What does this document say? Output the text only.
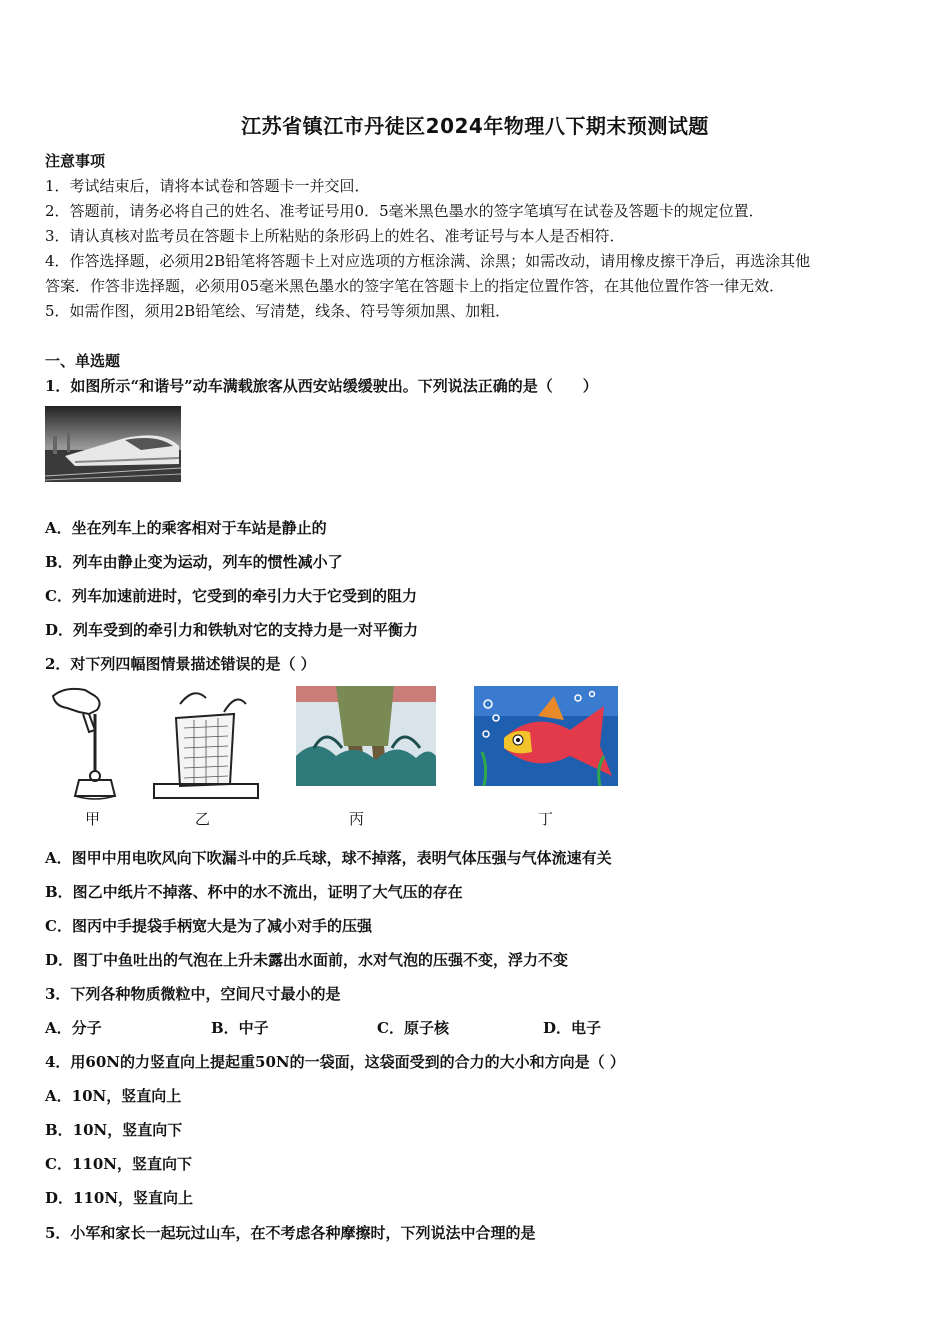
江苏省镇江市丹徒区2024年物理八下期末预测试题
注意事项
1．考试结束后，请将本试卷和答题卡一并交回．
2．答题前，请务必将自己的姓名、准考证号用0．5毫米黑色墨水的签字笔填写在试卷及答题卡的规定位置．
3．请认真核对监考员在答题卡上所粘贴的条形码上的姓名、准考证号与本人是否相符．
4．作答选择题，必须用2B铅笔将答题卡上对应选项的方框涂满、涂黑；如需改动，请用橡皮擦干净后，再选涂其他
答案．作答非选择题，必须用05毫米黑色墨水的签字笔在答题卡上的指定位置作答，在其他位置作答一律无效．
5．如需作图，须用2B铅笔绘、写清楚，线条、符号等须加黑、加粗．
一、单选题
1．如图所示“和谐号”动车满载旅客从西安站缓缓驶出。下列说法正确的是（　　）
A．坐在列车上的乘客相对于车站是静止的
B．列车由静止变为运动，列车的惯性减小了
C．列车加速前进时，它受到的牵引力大于它受到的阻力
D．列车受到的牵引力和铁轨对它的支持力是一对平衡力
2．对下列四幅图情景描述错误的是（ ）
甲	乙	丙	丁
A．图甲中用电吹风向下吹漏斗中的乒乓球，球不掉落，表明气体压强与气体流速有关
B．图乙中纸片不掉落、杯中的水不流出，证明了大气压的存在
C．图丙中手提袋手柄宽大是为了减小对手的压强
D．图丁中鱼吐出的气泡在上升未露出水面前，水对气泡的压强不变，浮力不变
3．下列各种物质微粒中，空间尺寸最小的是
A．分子	B．中子	C．原子核	D．电子
4．用60N的力竖直向上提起重50N的一袋面，这袋面受到的合力的大小和方向是（ ）
A．10N，竖直向上
B．10N，竖直向下
C．110N，竖直向下
D．110N，竖直向上
5．小军和家长一起玩过山车，在不考虑各种摩擦时，下列说法中合理的是
